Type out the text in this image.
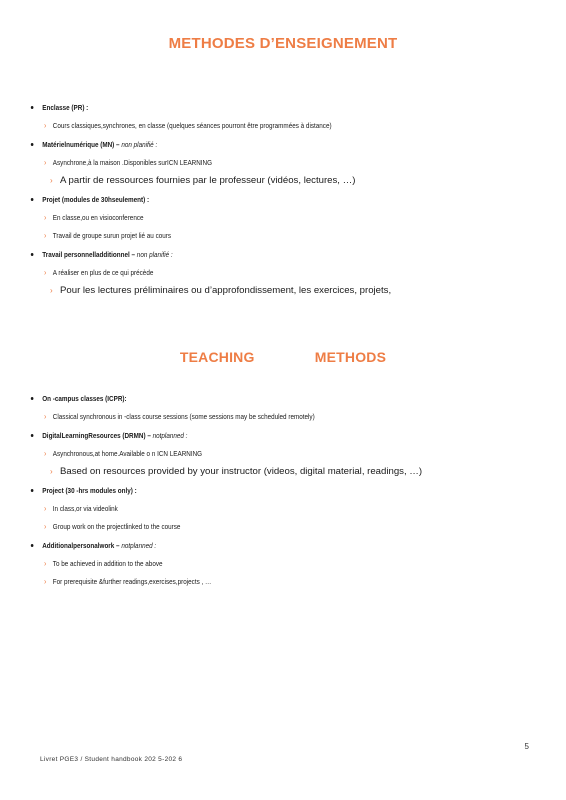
METHODES D’ENSEIGNEMENT
Enclasse (PR) :
› Cours classiques,synchrones, en classe (quelques séances pourront être programmées à distance)
Matérielnumérique (MN) – non planifié :
› Asynchrone,à la maison .Disponibles surICN LEARNING
› A partir de ressources fournies par le professeur (vidéos, lectures, …)
Projet (modules de 30hseulement) :
› En classe,ou en visioconference
› Travail de groupe surun projet lié au cours
Travail personnelladditionnel – non planifié :
› A réaliser en plus de ce qui précède
› Pour les lectures préliminaires ou d’approfondissement, les exercices, projets,
TEACHING	METHODS
On -campus classes (ICPR):
› Classical synchronous in -class course sessions (some sessions may be scheduled remotely)
DigitalLearningResources (DRMN) – notplanned :
› Asynchronous,at home.Available o n ICN LEARNING
› Based on resources provided by your instructor (videos, digital material, readings, …)
Project (30 -hrs modules only) :
› In class,or via videolink
› Group work on the projectlinked to the course
Additionalpersonalwork – notplanned :
› To be achieved in addition to the above
› For prerequisite &further readings,exercises,projects , …
5
Livret PGE3 / Student handbook 202 5-202 6
